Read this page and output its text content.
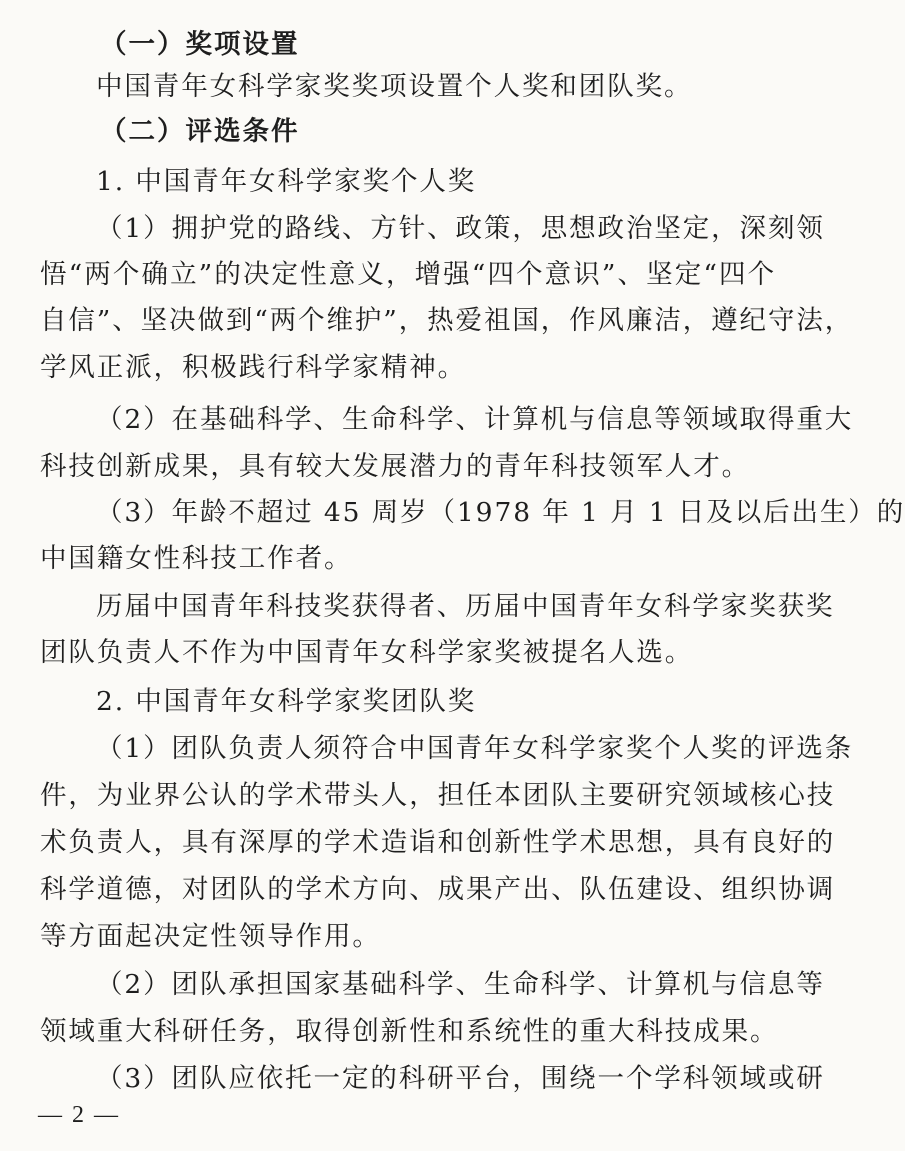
（一）奖项设置
中国青年女科学家奖奖项设置个人奖和团队奖。
（二）评选条件
1. 中国青年女科学家奖个人奖
（1）拥护党的路线、方针、政策，思想政治坚定，深刻领
悟“两个确立”的决定性意义，增强“四个意识”、坚定“四个
自信”、坚决做到“两个维护”，热爱祖国，作风廉洁，遵纪守法，
学风正派，积极践行科学家精神。
（2）在基础科学、生命科学、计算机与信息等领域取得重大
科技创新成果，具有较大发展潜力的青年科技领军人才。
（3）年龄不超过 45 周岁（1978 年 1 月 1 日及以后出生）的
中国籍女性科技工作者。
历届中国青年科技奖获得者、历届中国青年女科学家奖获奖
团队负责人不作为中国青年女科学家奖被提名人选。
2. 中国青年女科学家奖团队奖
（1）团队负责人须符合中国青年女科学家奖个人奖的评选条
件，为业界公认的学术带头人，担任本团队主要研究领域核心技
术负责人，具有深厚的学术造诣和创新性学术思想，具有良好的
科学道德，对团队的学术方向、成果产出、队伍建设、组织协调
等方面起决定性领导作用。
（2）团队承担国家基础科学、生命科学、计算机与信息等
领域重大科研任务，取得创新性和系统性的重大科技成果。
（3）团队应依托一定的科研平台，围绕一个学科领域或研
— 2 —
